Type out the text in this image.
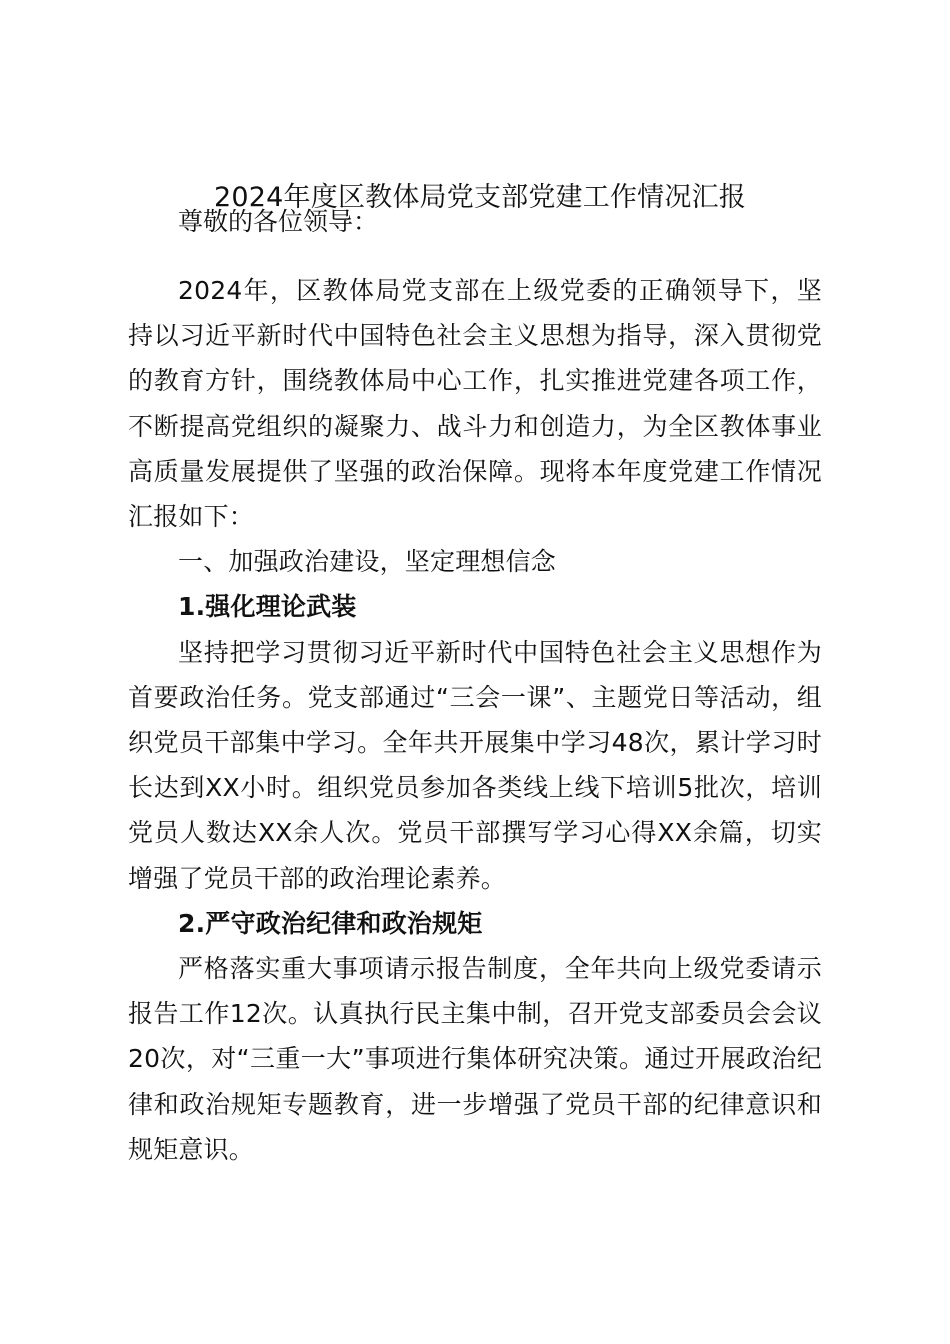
2024年度区教体局党支部党建工作情况汇报
尊敬的各位领导：

2024年，区教体局党支部在上级党委的正确领导下，坚持以习近平新时代中国特色社会主义思想为指导，深入贯彻党的教育方针，围绕教体局中心工作，扎实推进党建各项工作，不断提高党组织的凝聚力、战斗力和创造力，为全区教体事业高质量发展提供了坚强的政治保障。现将本年度党建工作情况汇报如下：

一、加强政治建设，坚定理想信念

1.强化理论武装

坚持把学习贯彻习近平新时代中国特色社会主义思想作为首要政治任务。党支部通过“三会一课”、主题党日等活动，组织党员干部集中学习。全年共开展集中学习48次，累计学习时长达到XX小时。组织党员参加各类线上线下培训5批次，培训党员人数达XX余人次。党员干部撰写学习心得XX余篇，切实增强了党员干部的政治理论素养。

2.严守政治纪律和政治规矩

严格落实重大事项请示报告制度，全年共向上级党委请示报告工作12次。认真执行民主集中制，召开党支部委员会会议20次，对“三重一大”事项进行集体研究决策。通过开展政治纪律和政治规矩专题教育，进一步增强了党员干部的纪律意识和规矩意识。
